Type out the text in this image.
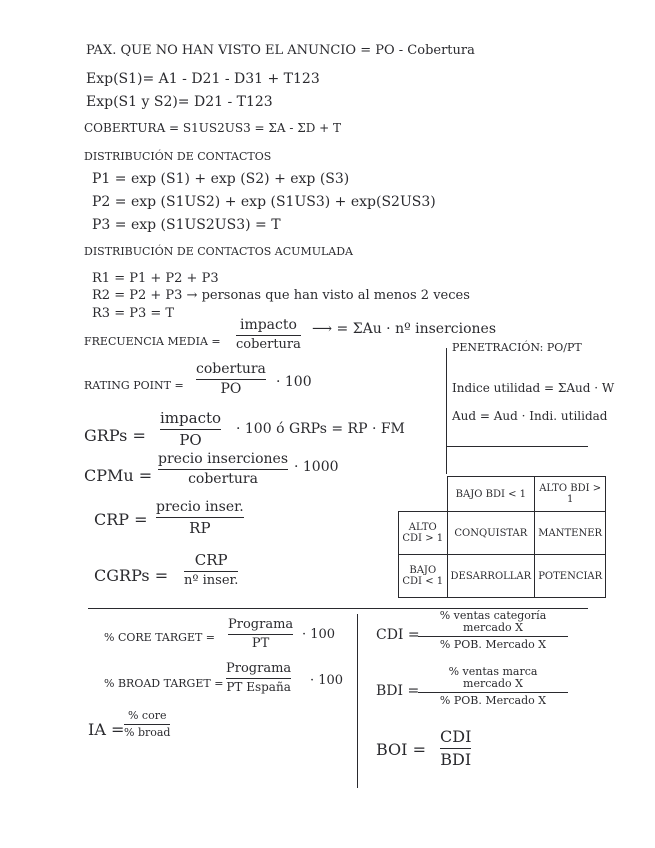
PAX. QUE NO HAN VISTO EL ANUNCIO = PO - Cobertura
Exp(S1)= A1 - D21 - D31 + T123
Exp(S1 y S2)= D21 - T123
COBERTURA = S1US2US3 = ΣA - ΣD + T
DISTRIBUCIÓN DE CONTACTOS
P1 = exp (S1) + exp (S2) + exp (S3)
P2 = exp (S1US2) + exp (S1US3) + exp(S2US3)
P3 = exp (S1US2US3) = T
DISTRIBUCIÓN DE CONTACTOS ACUMULADA
R1 = P1 + P2 + P3
R2 = P2 + P3 → personas que han visto al menos 2 veces
R3 = P3 = T
FRECUENCIA MEDIA =
impacto
cobertura
⟶ = ΣAu · nº inserciones
RATING POINT =
cobertura
PO · 100
GRPs =
impacto
PO
· 100 ó GRPs = RP · FM
CPMu =
precio inserciones
cobertura
· 1000
CRP =
precio inser.
RP
CGRPs =
CRP
nº inser.
PENETRACIÓN: PO/PT
Indice utilidad = ΣAud · W
Aud = Aud · Indi. utilidad
	BAJO BDI < 1	ALTO BDI > 1
ALTO CDI > 1	CONQUISTAR	MANTENER
BAJO CDI < 1	DESARROLLAR	POTENCIAR
% CORE TARGET =
Programa
PT
· 100
% BROAD TARGET =
Programa
PT España · 100
IA =
% core
% broad
CDI =
% ventas categoría mercado X
% POB. Mercado X
BDI =
% ventas marca mercado X
% POB. Mercado X
BOI =
CDI
BDI
